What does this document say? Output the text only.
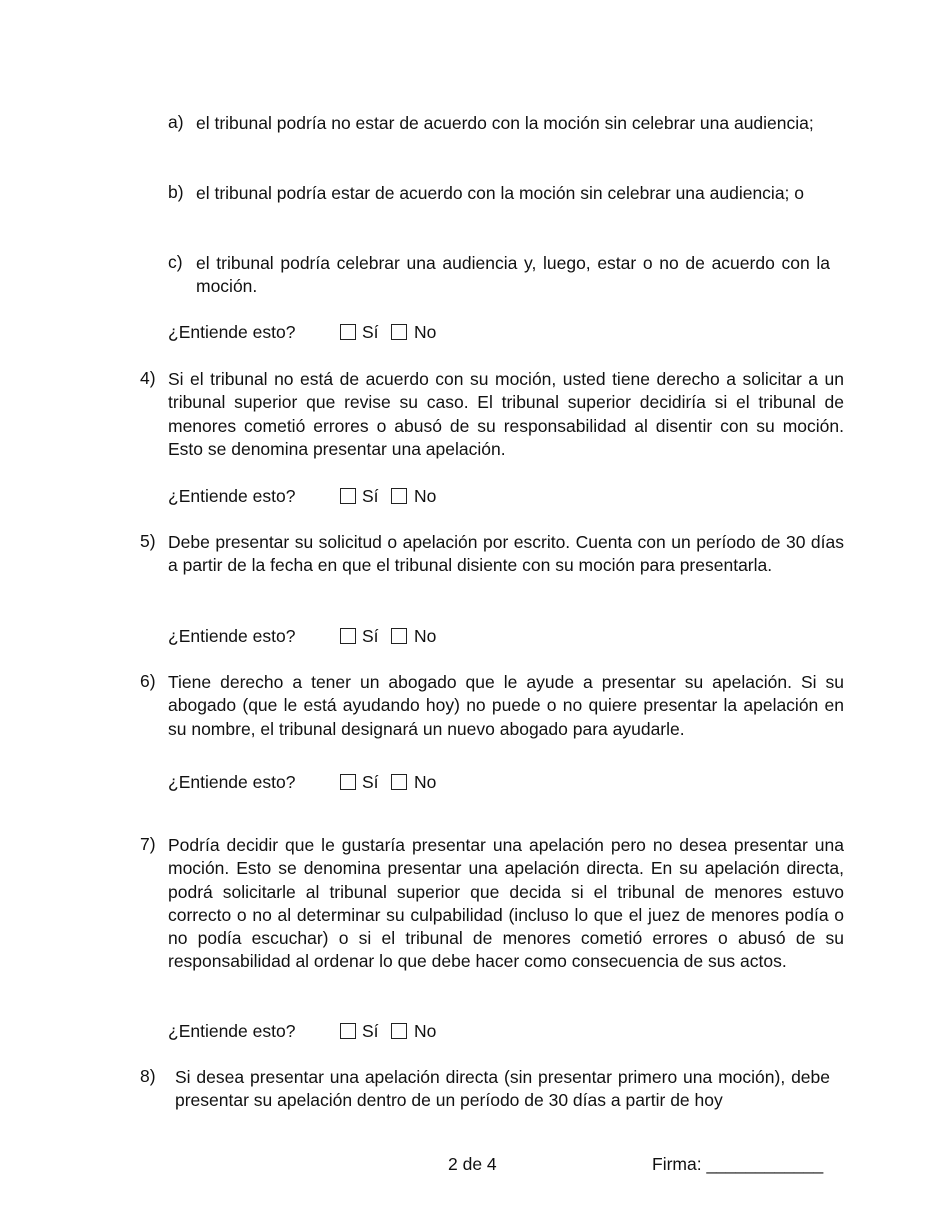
a) el tribunal podría no estar de acuerdo con la moción sin celebrar una audiencia;
b) el tribunal podría estar de acuerdo con la moción sin celebrar una audiencia; o
c) el tribunal podría celebrar una audiencia y, luego, estar o no de acuerdo con la moción.
¿Entiende esto?	Sí No
4) Si el tribunal no está de acuerdo con su moción, usted tiene derecho a solicitar a un tribunal superior que revise su caso. El tribunal superior decidiría si el tribunal de menores cometió errores o abusó de su responsabilidad al disentir con su moción. Esto se denomina presentar una apelación.
¿Entiende esto?	Sí No
5) Debe presentar su solicitud o apelación por escrito. Cuenta con un período de 30 días a partir de la fecha en que el tribunal disiente con su moción para presentarla.
¿Entiende esto?	Sí No
6) Tiene derecho a tener un abogado que le ayude a presentar su apelación. Si su abogado (que le está ayudando hoy) no puede o no quiere presentar la apelación en su nombre, el tribunal designará un nuevo abogado para ayudarle.
¿Entiende esto?	Sí No
7) Podría decidir que le gustaría presentar una apelación pero no desea presentar una moción. Esto se denomina presentar una apelación directa. En su apelación directa, podrá solicitarle al tribunal superior que decida si el tribunal de menores estuvo correcto o no al determinar su culpabilidad (incluso lo que el juez de menores podía o no podía escuchar) o si el tribunal de menores cometió errores o abusó de su responsabilidad al ordenar lo que debe hacer como consecuencia de sus actos.
¿Entiende esto?	Sí No
8) Si desea presentar una apelación directa (sin presentar primero una moción), debe presentar su apelación dentro de un período de 30 días a partir de hoy
2 de 4	Firma: ____________
